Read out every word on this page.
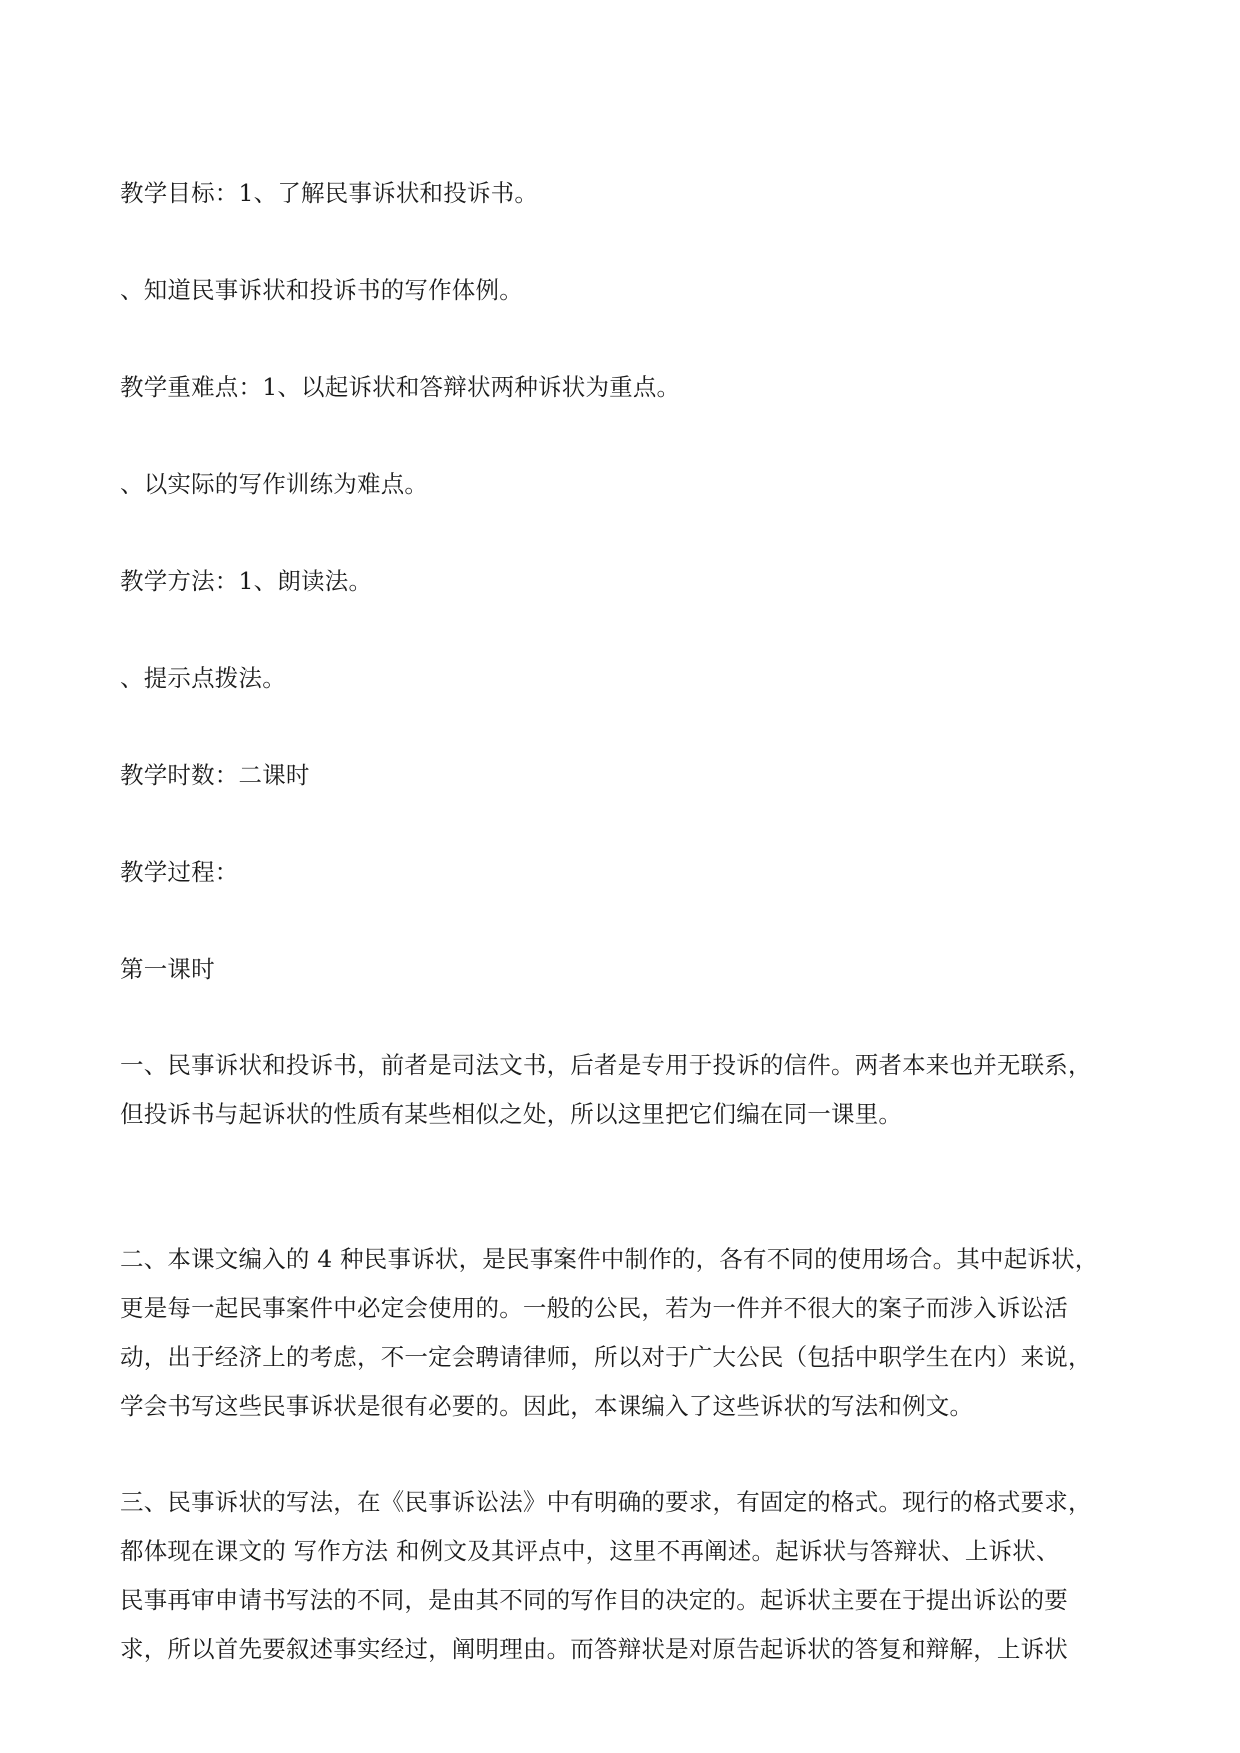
教学目标：1、了解民事诉状和投诉书。
、知道民事诉状和投诉书的写作体例。
教学重难点：1、以起诉状和答辩状两种诉状为重点。
、以实际的写作训练为难点。
教学方法：1、朗读法。
、提示点拨法。
教学时数：二课时
教学过程：
第一课时
一、民事诉状和投诉书，前者是司法文书，后者是专用于投诉的信件。两者本来也并无联系，
但投诉书与起诉状的性质有某些相似之处，所以这里把它们编在同一课里。
二、本课文编入的 4 种民事诉状，是民事案件中制作的，各有不同的使用场合。其中起诉状，
更是每一起民事案件中必定会使用的。一般的公民，若为一件并不很大的案子而涉入诉讼活
动，出于经济上的考虑，不一定会聘请律师，所以对于广大公民（包括中职学生在内）来说，
学会书写这些民事诉状是很有必要的。因此，本课编入了这些诉状的写法和例文。
三、民事诉状的写法，在《民事诉讼法》中有明确的要求，有固定的格式。现行的格式要求，
都体现在课文的 写作方法 和例文及其评点中，这里不再阐述。起诉状与答辩状、上诉状、
民事再审申请书写法的不同，是由其不同的写作目的决定的。起诉状主要在于提出诉讼的要
求，所以首先要叙述事实经过，阐明理由。而答辩状是对原告起诉状的答复和辩解，上诉状
